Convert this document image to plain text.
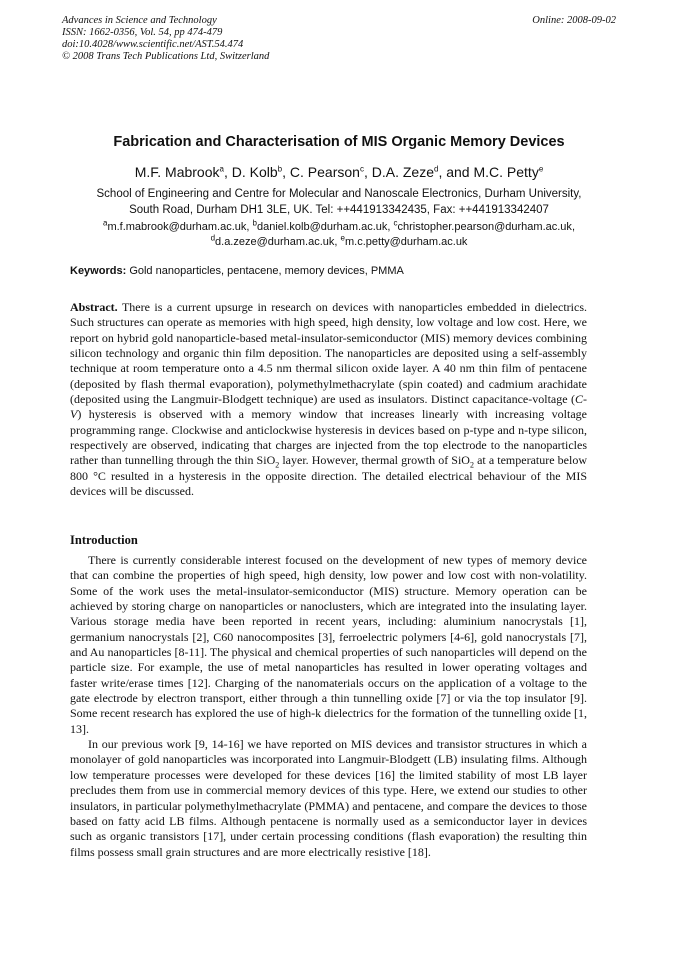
Advances in Science and Technology
ISSN: 1662-0356, Vol. 54, pp 474-479
doi:10.4028/www.scientific.net/AST.54.474
© 2008 Trans Tech Publications Ltd, Switzerland
Online: 2008-09-02
Fabrication and Characterisation of MIS Organic Memory Devices
M.F. Mabrook$^a$, D. Kolb$^b$, C. Pearson$^c$, D.A. Zeze$^d$, and M.C. Petty$^e$
School of Engineering and Centre for Molecular and Nanoscale Electronics, Durham University,
South Road, Durham DH1 3LE, UK. Tel: ++441913342435, Fax: ++441913342407
$^a$m.f.mabrook@durham.ac.uk, $^b$daniel.kolb@durham.ac.uk, $^c$christopher.pearson@durham.ac.uk,
$^d$d.a.zeze@durham.ac.uk, $^e$m.c.petty@durham.ac.uk
Keywords: Gold nanoparticles, pentacene, memory devices, PMMA
Abstract. There is a current upsurge in research on devices with nanoparticles embedded in dielectrics. Such structures can operate as memories with high speed, high density, low voltage and low cost. Here, we report on hybrid gold nanoparticle-based metal-insulator-semiconductor (MIS) memory devices combining silicon technology and organic thin film deposition. The nanoparticles are deposited using a self-assembly technique at room temperature onto a 4.5 nm thermal silicon oxide layer. A 40 nm thin film of pentacene (deposited by flash thermal evaporation), polymethylmethacrylate (spin coated) and cadmium arachidate (deposited using the Langmuir-Blodgett technique) are used as insulators. Distinct capacitance-voltage (C-V) hysteresis is observed with a memory window that increases linearly with increasing voltage programming range. Clockwise and anticlockwise hysteresis in devices based on p-type and n-type silicon, respectively are observed, indicating that charges are injected from the top electrode to the nanoparticles rather than tunnelling through the thin SiO$_2$ layer. However, thermal growth of SiO$_2$ at a temperature below 800 °C resulted in a hysteresis in the opposite direction. The detailed electrical behaviour of the MIS devices will be discussed.
Introduction

There is currently considerable interest focused on the development of new types of memory device that can combine the properties of high speed, high density, low power and low cost with non-volatility. Some of the work uses the metal-insulator-semiconductor (MIS) structure. Memory operation can be achieved by storing charge on nanoparticles or nanoclusters, which are integrated into the insulating layer. Various storage media have been reported in recent years, including: aluminium nanocrystals [1], germanium nanocrystals [2], C60 nanocomposites [3], ferroelectric polymers [4-6], gold nanocrystals [7], and Au nanoparticles [8-11]. The physical and chemical properties of such nanoparticles will depend on the particle size. For example, the use of metal nanoparticles has resulted in lower operating voltages and faster write/erase times [12]. Charging of the nanomaterials occurs on the application of a voltage to the gate electrode by electron transport, either through a thin tunnelling oxide [7] or via the top insulator [9]. Some recent research has explored the use of high-k dielectrics for the formation of the tunnelling oxide [1, 13].

In our previous work [9, 14-16] we have reported on MIS devices and transistor structures in which a monolayer of gold nanoparticles was incorporated into Langmuir-Blodgett (LB) insulating films. Although low temperature processes were developed for these devices [16] the limited stability of most LB layer precludes them from use in commercial memory devices of this type. Here, we extend our studies to other insulators, in particular polymethylmethacrylate (PMMA) and pentacene, and compare the devices to those based on fatty acid LB films. Although pentacene is normally used as a semiconductor layer in devices such as organic transistors [17], under certain processing conditions (flash evaporation) the resulting thin films possess small grain structures and are more electrically resistive [18].
